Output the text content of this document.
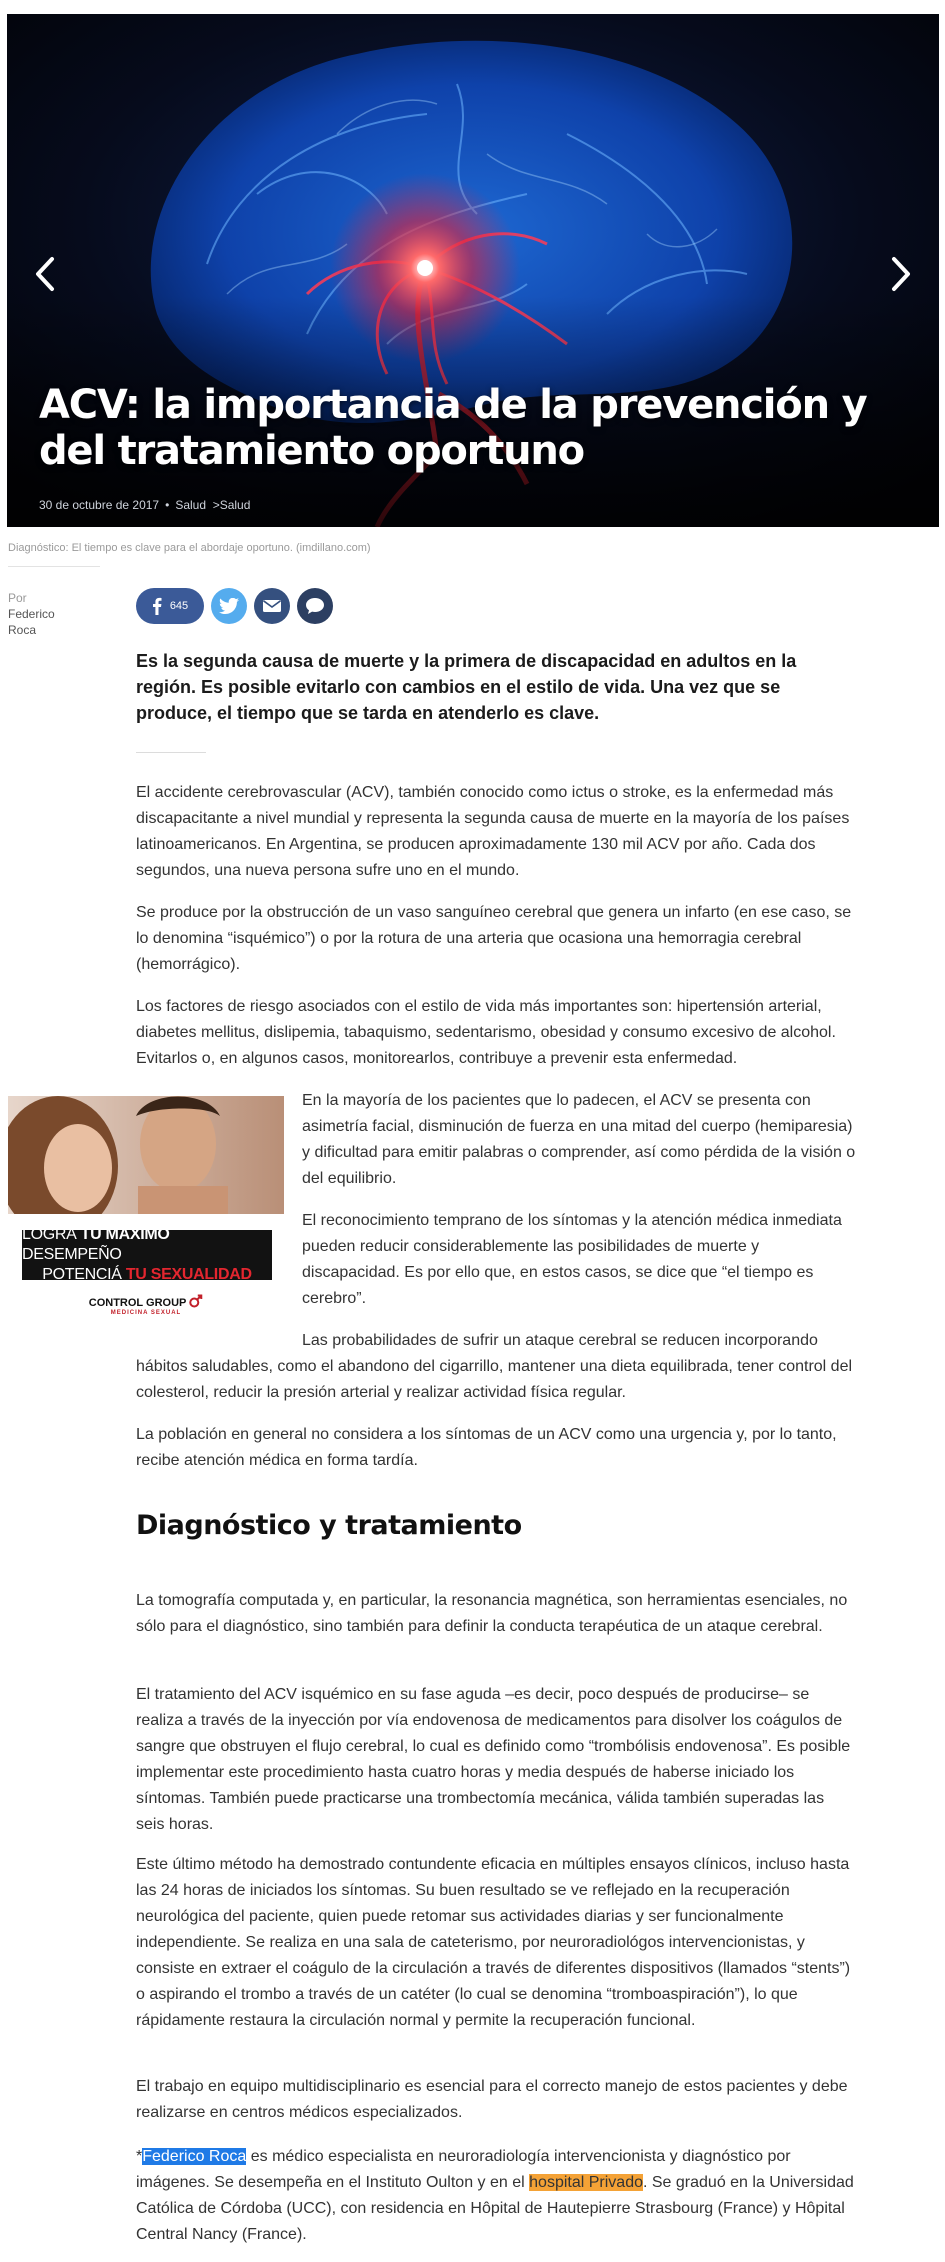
ACV: la importancia de la prevención y del tratamiento oportuno
30 de octubre de 2017 • Salud >Salud
Diagnóstico: El tiempo es clave para el abordaje oportuno. (imdillano.com)
Por
Federico
Roca
645

Es la segunda causa de muerte y la primera de discapacidad en adultos en la región. Es posible evitarlo con cambios en el estilo de vida. Una vez que se produce, el tiempo que se tarda en atenderlo es clave.

El accidente cerebrovascular (ACV), también conocido como ictus o stroke, es la enfermedad más discapacitante a nivel mundial y representa la segunda causa de muerte en la mayoría de los países latinoamericanos. En Argentina, se producen aproximadamente 130 mil ACV por año. Cada dos segundos, una nueva persona sufre uno en el mundo.

Se produce por la obstrucción de un vaso sanguíneo cerebral que genera un infarto (en ese caso, se lo denomina “isquémico”) o por la rotura de una arteria que ocasiona una hemorragia cerebral (hemorrágico).

Los factores de riesgo asociados con el estilo de vida más importantes son: hipertensión arterial, diabetes mellitus, dislipemia, tabaquismo, sedentarismo, obesidad y consumo excesivo de alcohol. Evitarlos o, en algunos casos, monitorearlos, contribuye a prevenir esta enfermedad.

LOGRÁ TU MÁXIMO DESEMPEÑO
POTENCIÁ TU SEXUALIDAD
CONTROL GROUP
MEDICINA SEXUAL

En la mayoría de los pacientes que lo padecen, el ACV se presenta con asimetría facial, disminución de fuerza en una mitad del cuerpo (hemiparesia) y dificultad para emitir palabras o comprender, así como pérdida de la visión o del equilibrio.

El reconocimiento temprano de los síntomas y la atención médica inmediata pueden reducir considerablemente las posibilidades de muerte y discapacidad. Es por ello que, en estos casos, se dice que “el tiempo es cerebro”.

Las probabilidades de sufrir un ataque cerebral se reducen incorporando

hábitos saludables, como el abandono del cigarrillo, mantener una dieta equilibrada, tener control del colesterol, reducir la presión arterial y realizar actividad física regular.

La población en general no considera a los síntomas de un ACV como una urgencia y, por lo tanto, recibe atención médica en forma tardía.

Diagnóstico y tratamiento

La tomografía computada y, en particular, la resonancia magnética, son herramientas esenciales, no sólo para el diagnóstico, sino también para definir la conducta terapéutica de un ataque cerebral.

El tratamiento del ACV isquémico en su fase aguda –es decir, poco después de producirse– se realiza a través de la inyección por vía endovenosa de medicamentos para disolver los coágulos de sangre que obstruyen el flujo cerebral, lo cual es definido como “trombólisis endovenosa”. Es posible implementar este procedimiento hasta cuatro horas y media después de haberse iniciado los síntomas. También puede practicarse una trombectomía mecánica, válida también superadas las seis horas.

Este último método ha demostrado contundente eficacia en múltiples ensayos clínicos, incluso hasta las 24 horas de iniciados los síntomas. Su buen resultado se ve reflejado en la recuperación neurológica del paciente, quien puede retomar sus actividades diarias y ser funcionalmente independiente. Se realiza en una sala de cateterismo, por neuroradiológos intervencionistas, y consiste en extraer el coágulo de la circulación a través de diferentes dispositivos (llamados “stents”) o aspirando el trombo a través de un catéter (lo cual se denomina “tromboaspiración”), lo que rápidamente restaura la circulación normal y permite la recuperación funcional.

El trabajo en equipo multidisciplinario es esencial para el correcto manejo de estos pacientes y debe realizarse en centros médicos especializados.

*Federico Roca es médico especialista en neuroradiología intervencionista y diagnóstico por imágenes. Se desempeña en el Instituto Oulton y en el hospital Privado. Se graduó en la Universidad Católica de Córdoba (UCC), con residencia en Hôpital de Hautepierre Strasbourg (France) y Hôpital Central Nancy (France).
